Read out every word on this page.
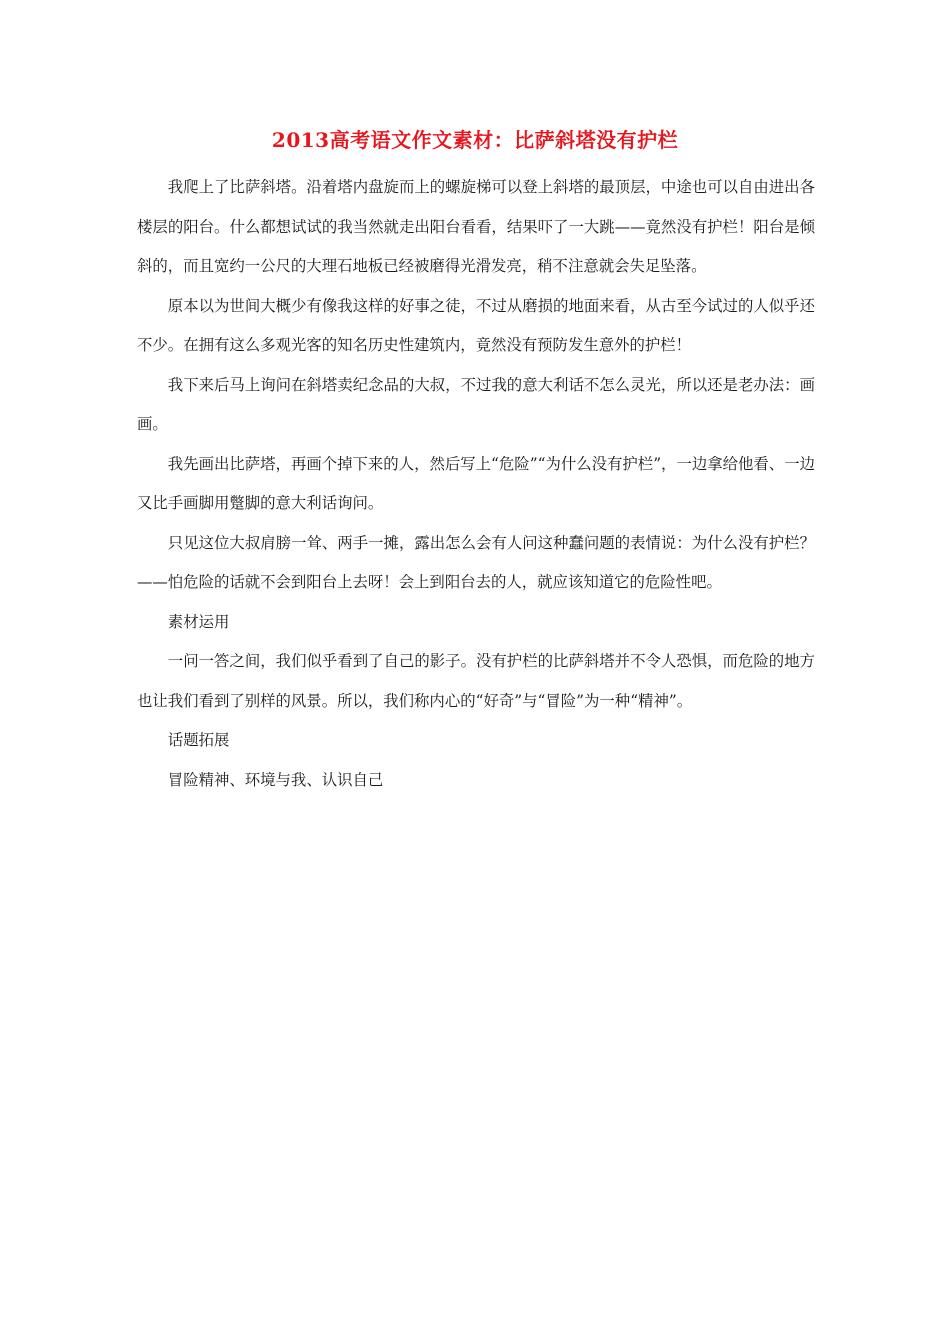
2013高考语文作文素材：比萨斜塔没有护栏

我爬上了比萨斜塔。沿着塔内盘旋而上的螺旋梯可以登上斜塔的最顶层，中途也可以自由进出各楼层的阳台。什么都想试试的我当然就走出阳台看看，结果吓了一大跳——竟然没有护栏！阳台是倾斜的，而且宽约一公尺的大理石地板已经被磨得光滑发亮，稍不注意就会失足坠落。

原本以为世间大概少有像我这样的好事之徒，不过从磨损的地面来看，从古至今试过的人似乎还不少。在拥有这么多观光客的知名历史性建筑内，竟然没有预防发生意外的护栏！

我下来后马上询问在斜塔卖纪念品的大叔，不过我的意大利话不怎么灵光，所以还是老办法：画画。

我先画出比萨塔，再画个掉下来的人，然后写上“危险”“为什么没有护栏”，一边拿给他看、一边又比手画脚用蹩脚的意大利话询问。

只见这位大叔肩膀一耸、两手一摊，露出怎么会有人问这种蠢问题的表情说：为什么没有护栏？——怕危险的话就不会到阳台上去呀！会上到阳台去的人，就应该知道它的危险性吧。

素材运用

一问一答之间，我们似乎看到了自己的影子。没有护栏的比萨斜塔并不令人恐惧，而危险的地方也让我们看到了别样的风景。所以，我们称内心的“好奇”与“冒险”为一种“精神”。

话题拓展

冒险精神、环境与我、认识自己
